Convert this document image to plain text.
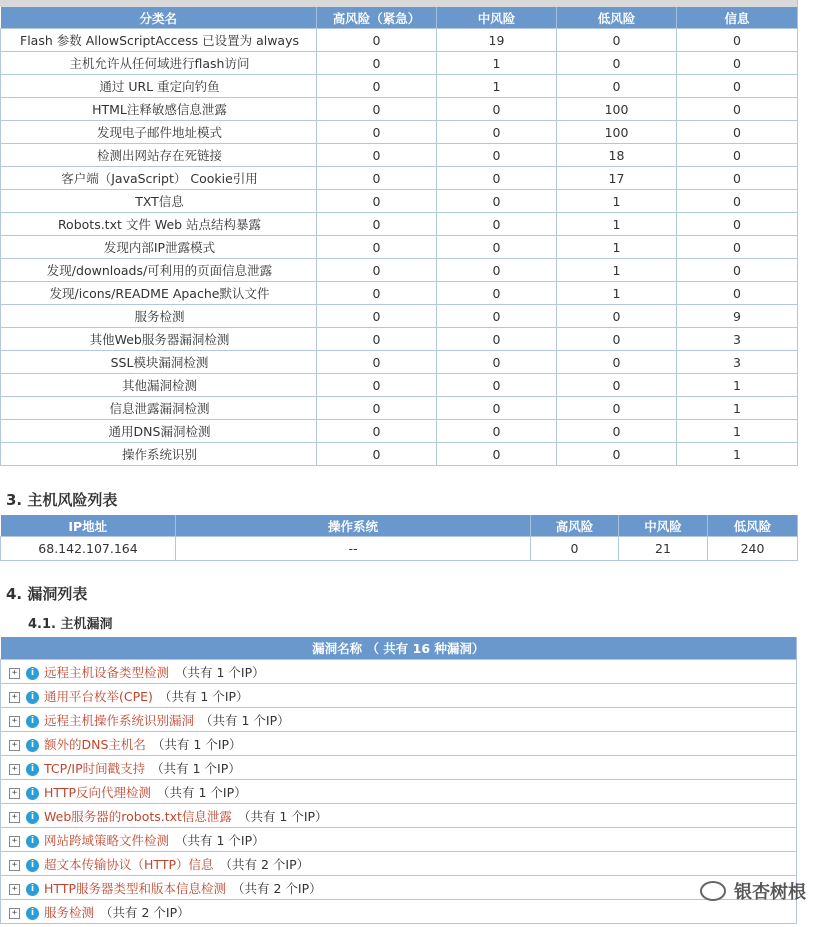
分类名	高风险（紧急）	中风险	低风险	信息
Flash 参数 AllowScriptAccess 已设置为 always	0	19	0	0
主机允许从任何域进行flash访问	0	1	0	0
通过 URL 重定向钓鱼	0	1	0	0
HTML注释敏感信息泄露	0	0	100	0
发现电子邮件地址模式	0	0	100	0
检测出网站存在死链接	0	0	18	0
客户端（JavaScript） Cookie引用	0	0	17	0
TXT信息	0	0	1	0
Robots.txt 文件 Web 站点结构暴露	0	0	1	0
发现内部IP泄露模式	0	0	1	0
发现/downloads/可利用的页面信息泄露	0	0	1	0
发现/icons/README Apache默认文件	0	0	1	0
服务检测	0	0	0	9
其他Web服务器漏洞检测	0	0	0	3
SSL模块漏洞检测	0	0	0	3
其他漏洞检测	0	0	0	1
信息泄露漏洞检测	0	0	0	1
通用DNS漏洞检测	0	0	0	1
操作系统识别	0	0	0	1
3. 主机风险列表
IP地址	操作系统	高风险	中风险	低风险
68.142.107.164	--	0	21	240
4. 漏洞列表
4.1. 主机漏洞
漏洞名称 （ 共有 16 种漏洞）
+ i 远程主机设备类型检测 （共有 1 个IP）
+ i 通用平台枚举(CPE) （共有 1 个IP）
+ i 远程主机操作系统识别漏洞 （共有 1 个IP）
+ i 额外的DNS主机名 （共有 1 个IP）
+ i TCP/IP时间戳支持 （共有 1 个IP）
+ i HTTP反向代理检测 （共有 1 个IP）
+ i Web服务器的robots.txt信息泄露 （共有 1 个IP）
+ i 网站跨域策略文件检测 （共有 1 个IP）
+ i 超文本传输协议（HTTP）信息 （共有 2 个IP）
+ i HTTP服务器类型和版本信息检测 （共有 2 个IP）
+ i 服务检测 （共有 2 个IP）
银杏树根
